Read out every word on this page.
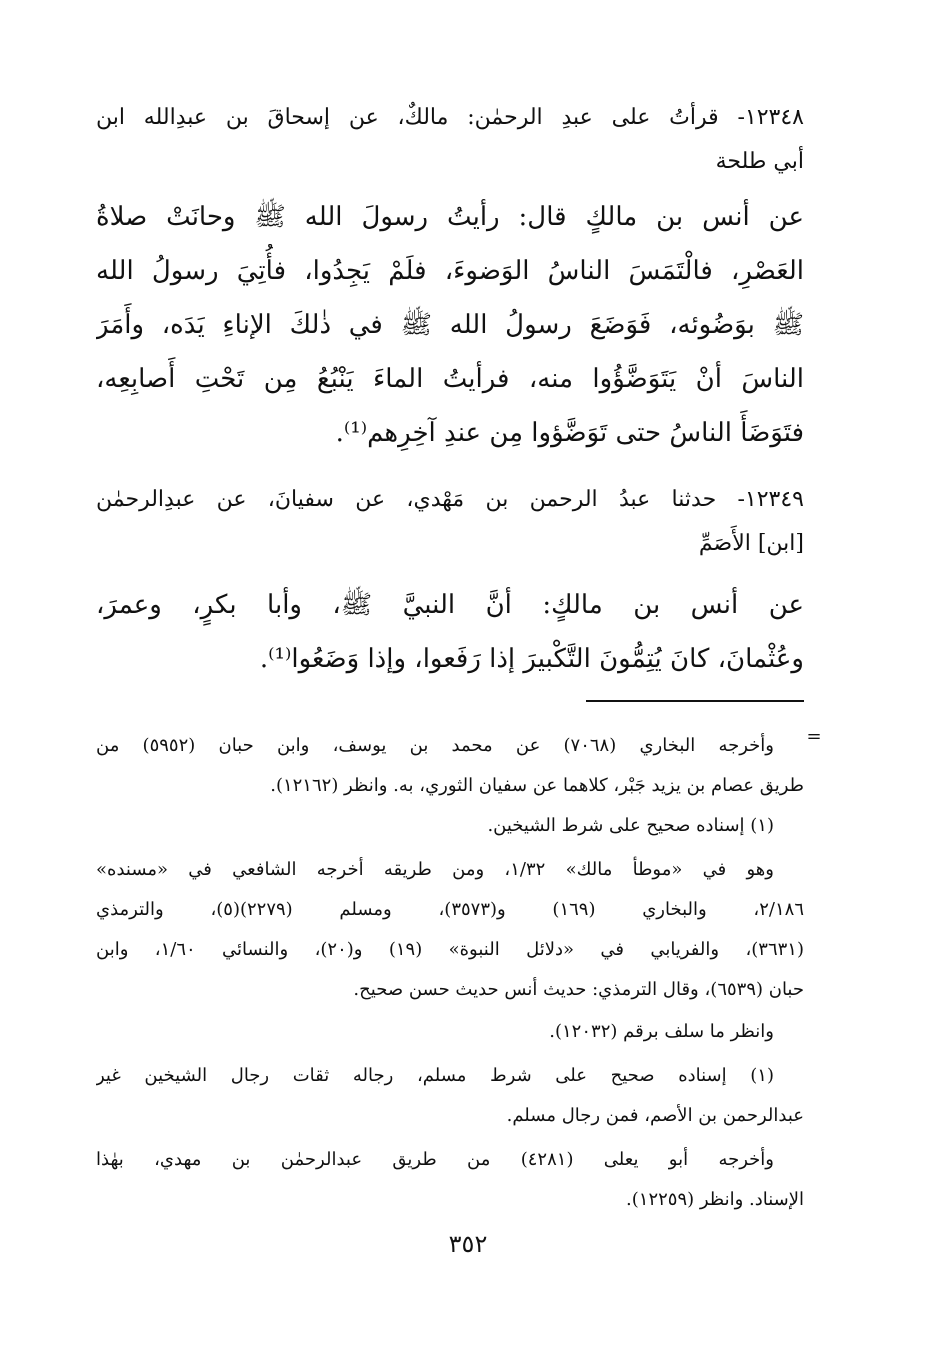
١٢٣٤٨- قرأتُ على عبدِ الرحمٰن: مالكٌ، عن إسحاقَ بن عبدِالله ابن
أبي طلحة
عن أنس بن مالكٍ قال: رأيتُ رسولَ الله ﷺ وحانَتْ صلاةُ
العَصْرِ، فالْتَمَسَ الناسُ الوَضوءَ، فلَمْ يَجِدُوا، فأُتِيَ رسولُ الله
ﷺ بوَضُوئه، فَوَضَعَ رسولُ الله ﷺ في ذٰلكَ الإناءِ يَدَه، وأَمَرَ
الناسَ أنْ يَتَوَضَّؤُوا منه، فرأيتُ الماءَ يَنْبُعُ مِن تَحْتِ أَصابِعِه،
فتَوَضَأَ الناسُ حتى تَوَضَّؤوا مِن عندِ آخِرِهم⁽¹⁾.
١٢٣٤٩- حدثنا عبدُ الرحمن بن مَهْدي، عن سفيانَ، عن عبدِالرحمٰن
[ابن] الأَصَمِّ
عن أنس بن مالكٍ: أنَّ النبيَّ ﷺ، وأبا بكرٍ، وعمرَ،
وعُثْمانَ، كانَ يُتِمُّونَ التَّكْبيرَ إذا رَفَعوا، وإذا وَضَعُوا⁽¹⁾.
=
وأخرجه البخاري (٧٠٦٨) عن محمد بن يوسف، وابن حبان (٥٩٥٢) من
طريق عصام بن يزيد جَبْر، كلاهما عن سفيان الثوري، به. وانظر (١٢١٦٢).
(١) إسناده صحيح على شرط الشيخين.
وهو في «موطأ مالك» ١/٣٢، ومن طريقه أخرجه الشافعي في «مسنده»
٢/١٨٦، والبخاري (١٦٩) و(٣٥٧٣)، ومسلم (٢٢٧٩)(٥)، والترمذي
(٣٦٣١)، والفريابي في «دلائل النبوة» (١٩) و(٢٠)، والنسائي ١/٦٠، وابن
حبان (٦٥٣٩)، وقال الترمذي: حديث أنس حديث حسن صحيح.
وانظر ما سلف برقم (١٢٠٣٢).
(١) إسناده صحيح على شرط مسلم، رجاله ثقات رجال الشيخين غير
عبدالرحمن بن الأصم، فمن رجال مسلم.
وأخرجه أبو يعلى (٤٢٨١) من طريق عبدالرحمٰن بن مهدي، بهٰذا
الإسناد. وانظر (١٢٢٥٩).
٣٥٢
